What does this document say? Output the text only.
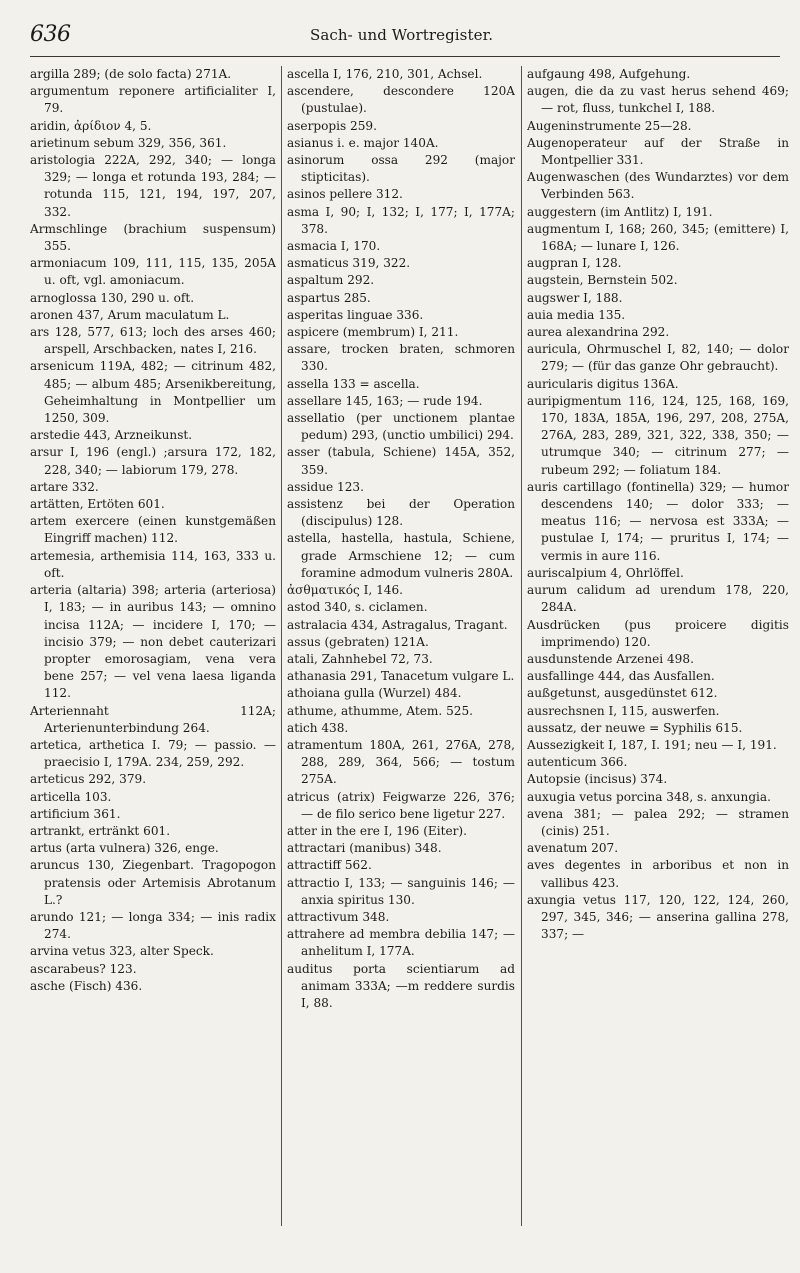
636	Sach- und Wortregister.

argilla 289; (de solo facta) 271A.

argumentum reponere artificialiter I, 79.

aridin, ἀρίδιον 4, 5.

arietinum sebum 329, 356, 361.

aristologia 222A, 292, 340; — longa 329; — longa et rotunda 193, 284; — rotunda 115, 121, 194, 197, 207, 332.

Armschlinge (brachium suspensum) 355.

armoniacum 109, 111, 115, 135, 205A u. oft, vgl. amoniacum.

arnoglossa 130, 290 u. oft.

aronen 437, Arum maculatum L.

ars 128, 577, 613; loch des arses 460; arspell, Arschbacken, nates I, 216.

arsenicum 119A, 482; — citrinum 482, 485; — album 485; Arsenikbereitung, Geheimhaltung in Montpellier um 1250, 309.

arstedie 443, Arzneikunst.

arsur I, 196 (engl.) ;arsura 172, 182, 228, 340; — labiorum 179, 278.

artare 332.

artätten, Ertöten 601.

artem exercere (einen kunstgemäßen Eingriff machen) 112.

artemesia, arthemisia 114, 163, 333 u. oft.

arteria (altaria) 398; arteria (arteriosa) I, 183; — in auribus 143; — omnino incisa 112A; — incidere I, 170; — incisio 379; — non debet cauterizari propter emorosagiam, vena vera bene 257; — vel vena laesa liganda 112.

Arteriennaht 112A; Arterienunterbindung 264.

artetica, arthetica I. 79; — passio. — praecisio I, 179A. 234, 259, 292.

arteticus 292, 379.

articella 103.

artificium 361.

artrankt, ertränkt 601.

artus (arta vulnera) 326, enge.

aruncus 130, Ziegenbart. Tragopogon pratensis oder Artemisis Abrotanum L.?

arundo 121; — longa 334; — inis radix 274.

arvina vetus 323, alter Speck.

ascarabeus? 123.

asche (Fisch) 436.

ascella I, 176, 210, 301, Achsel.

ascendere, descondere 120A (pustulae).

aserpopis 259.

asianus i. e. major 140A.

asinorum ossa 292 (major stipticitas).

asinos pellere 312.

asma I, 90; I, 132; I, 177; I, 177A; 378.

asmacia I, 170.

asmaticus 319, 322.

aspaltum 292.

aspartus 285.

asperitas linguae 336.

aspicere (membrum) I, 211.

assare, trocken braten, schmoren 330.

assella 133 = ascella.

assellare 145, 163; — rude 194.

assellatio (per unctionem plantae pedum) 293, (unctio umbilici) 294.

asser (tabula, Schiene) 145A, 352, 359.

assidue 123.

assistenz bei der Operation (discipulus) 128.

astella, hastella, hastula, Schiene, grade Armschiene 12; — cum foramine admodum vulneris 280A.

ἀσθματικός I, 146.

astod 340, s. ciclamen.

astralacia 434, Astragalus, Tragant.

assus (gebraten) 121A.

atali, Zahnhebel 72, 73.

athanasia 291, Tanacetum vulgare L.

athoiana gulla (Wurzel) 484.

athume, athumme, Atem. 525.

atich 438.

atramentum 180A, 261, 276A, 278, 288, 289, 364, 566; — tostum 275A.

atricus (atrix) Feigwarze 226, 376; — de filo serico bene ligetur 227.

atter in the ere I, 196 (Eiter).

attractari (manibus) 348.

attractiff 562.

attractio I, 133; — sanguinis 146; — anxia spiritus 130.

attractivum 348.

attrahere ad membra debilia 147; — anhelitum I, 177A.

auditus porta scientiarum ad animam 333A; —m reddere surdis I, 88.

aufgaung 498, Aufgehung.

augen, die da zu vast herus sehend 469; — rot, fluss, tunkchel I, 188.

Augeninstrumente 25—28.

Augenoperateur auf der Straße in Montpellier 331.

Augenwaschen (des Wundarztes) vor dem Verbinden 563.

auggestern (im Antlitz) I, 191.

augmentum I, 168; 260, 345; (emittere) I, 168A; — lunare I, 126.

augpran I, 128.

augstein, Bernstein 502.

augswer I, 188.

auia media 135.

aurea alexandrina 292.

auricula, Ohrmuschel I, 82, 140; — dolor 279; — (für das ganze Ohr gebraucht).

auricularis digitus 136A.

auripigmentum 116, 124, 125, 168, 169, 170, 183A, 185A, 196, 297, 208, 275A, 276A, 283, 289, 321, 322, 338, 350; — utrumque 340; — citrinum 277; — rubeum 292; — foliatum 184.

auris cartillago (fontinella) 329; — humor descendens 140; — dolor 333; — meatus 116; — nervosa est 333A; — pustulae I, 174; — pruritus I, 174; — vermis in aure 116.

auriscalpium 4, Ohrlöffel.

aurum calidum ad urendum 178, 220, 284A.

Ausdrücken (pus proicere digitis imprimendo) 120.

ausdunstende Arzenei 498.

ausfallinge 444, das Ausfallen.

außgetunst, ausgedünstet 612.

ausrechsnen I, 115, auswerfen.

aussatz, der neuwe = Syphilis 615.

Aussezigkeit I, 187, I. 191; neu — I, 191.

autenticum 366.

Autopsie (incisus) 374.

auxugia vetus porcina 348, s. anxungia.

avena 381; — palea 292; — stramen (cinis) 251.

avenatum 207.

aves degentes in arboribus et non in vallibus 423.

axungia vetus 117, 120, 122, 124, 260, 297, 345, 346; — anserina gallina 278, 337; —
